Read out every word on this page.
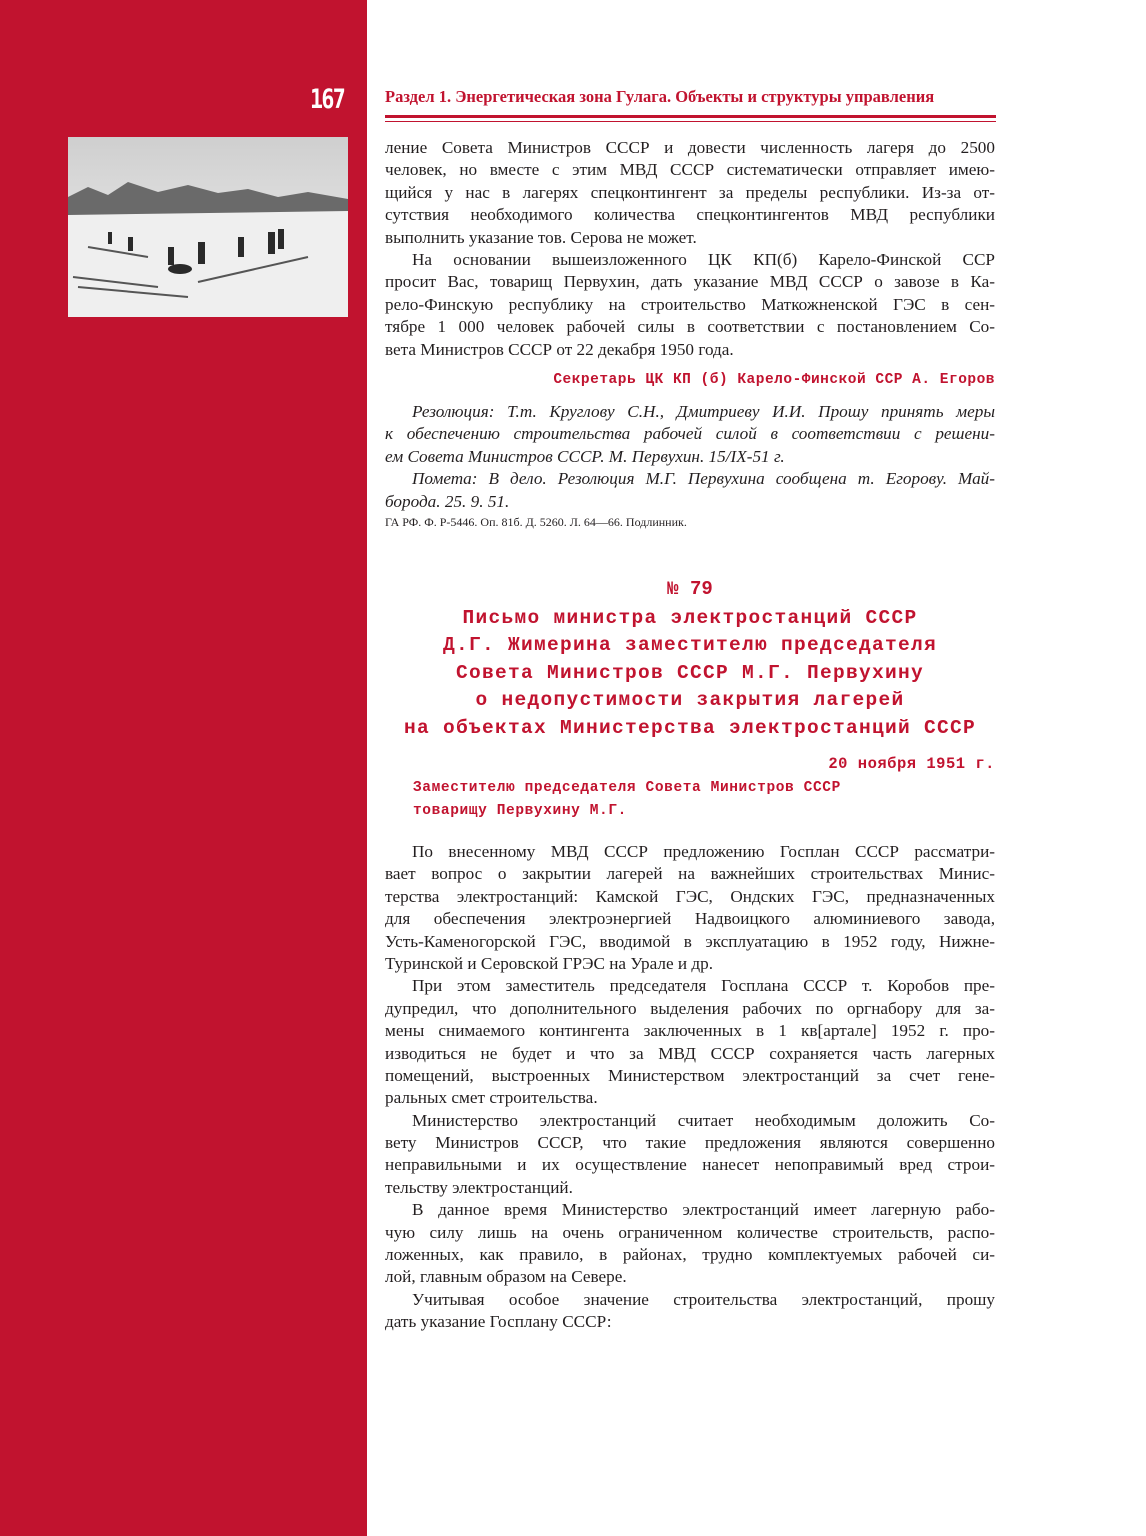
167 Раздел 1. Энергетическая зона Гулага. Объекты и структуры управления
ление Совета Министров СССР и довести численность лагеря до 2500
человек, но вместе с этим МВД СССР систематически отправляет имею-
щийся у нас в лагерях спецконтингент за пределы республики. Из-за от-
сутствия необходимого количества спецконтингентов МВД республики
выполнить указание тов. Серова не может.
На основании вышеизложенного ЦК КП(б) Карело-Финской ССР
просит Вас, товарищ Первухин, дать указание МВД СССР о завозе в Ка-
рело-Финскую республику на строительство Маткожненской ГЭС в сен-
тябре 1 000 человек рабочей силы в соответствии с постановлением Со-
вета Министров СССР от 22 декабря 1950 года.
Секретарь ЦК КП (б) Карело-Финской ССР А. Егоров
Резолюция: Т.т. Круглову С.Н., Дмитриеву И.И. Прошу принять меры
к обеспечению строительства рабочей силой в соответствии с решени-
ем Совета Министров СССР. М. Первухин. 15/IX-51 г.
Пометa: В дело. Резолюция М.Г. Первухина сообщена т. Егорову. Май-
борода. 25. 9. 51.
ГА РФ. Ф. Р-5446. Оп. 81б. Д. 5260. Л. 64—66. Подлинник.
№ 79
Письмо министра электростанций СССР
Д.Г. Жимерина заместителю председателя
Совета Министров СССР М.Г. Первухину
о недопустимости закрытия лагерей
на объектах Министерства электростанций СССР
20 ноября 1951 г.
Заместителю председателя Совета Министров СССР
товарищу Первухину М.Г.
По внесенному МВД СССР предложению Госплан СССР рассматри-
вает вопрос о закрытии лагерей на важнейших строительствах Минис-
терства электростанций: Камской ГЭС, Ондских ГЭС, предназначенных
для обеспечения электроэнергией Надвоицкого алюминиевого завода,
Усть-Каменогорской ГЭС, вводимой в эксплуатацию в 1952 году, Нижне-
Туринской и Серовской ГРЭС на Урале и др.
При этом заместитель председателя Госплана СССР т. Коробов пре-
дупредил, что дополнительного выделения рабочих по оргнабору для за-
мены снимаемого контингента заключенных в 1 кв[артале] 1952 г. про-
изводиться не будет и что за МВД СССР сохраняется часть лагерных
помещений, выстроенных Министерством электростанций за счет гене-
ральных смет строительства.
Министерство электростанций считает необходимым доложить Со-
вету Министров СССР, что такие предложения являются совершенно
неправильными и их осуществление нанесет непоправимый вред строи-
тельству электростанций.
В данное время Министерство электростанций имеет лагерную рабо-
чую силу лишь на очень ограниченном количестве строительств, распо-
ложенных, как правило, в районах, трудно комплектуемых рабочей си-
лой, главным образом на Севере.
Учитывая особое значение строительства электростанций, прошу
дать указание Госплану СССР:
